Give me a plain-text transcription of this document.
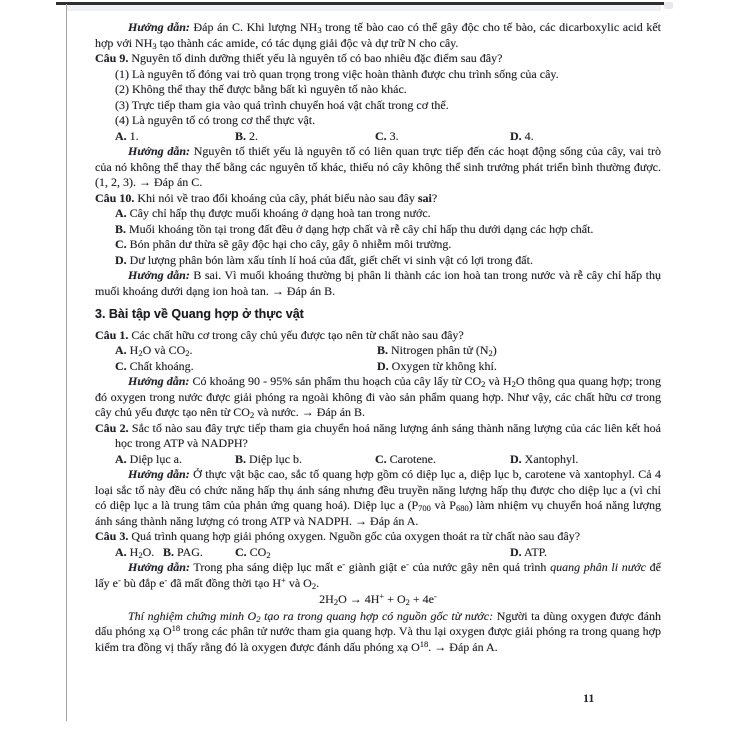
Hướng dẫn: Đáp án C. Khi lượng $NH_3$ trong tế bào cao có thể gây độc cho tế bào, các dicarboxylic acid kết hợp với $NH_3$ tạo thành các amide, có tác dụng giải độc và dự trữ N cho cây.
Câu 9. Nguyên tố dinh dưỡng thiết yếu là nguyên tố có bao nhiêu đặc điểm sau đây?
(1) Là nguyên tố đóng vai trò quan trọng trong việc hoàn thành được chu trình sống của cây.
(2) Không thể thay thế được bằng bất kì nguyên tố nào khác.
(3) Trực tiếp tham gia vào quá trình chuyển hoá vật chất trong cơ thể.
(4) Là nguyên tố có trong cơ thể thực vật.
A. 1.	B. 2.	C. 3.	D. 4.
Hướng dẫn: Nguyên tố thiết yếu là nguyên tố có liên quan trực tiếp đến các hoạt động sống của cây, vai trò của nó không thể thay thế bằng các nguyên tố khác, thiếu nó cây không thể sinh trưởng phát triển bình thường được. (1, 2, 3). → Đáp án C.
Câu 10. Khi nói về trao đổi khoáng của cây, phát biểu nào sau đây sai?
A. Cây chỉ hấp thụ được muối khoáng ở dạng hoà tan trong nước.
B. Muối khoáng tồn tại trong đất đều ở dạng hợp chất và rễ cây chỉ hấp thu dưới dạng các hợp chất.
C. Bón phân dư thừa sẽ gây độc hại cho cây, gây ô nhiễm môi trường.
D. Dư lượng phân bón làm xấu tính lí hoá của đất, giết chết vi sinh vật có lợi trong đất.
Hướng dẫn: B sai. Vì muối khoáng thường bị phân li thành các ion hoà tan trong nước và rễ cây chỉ hấp thụ muối khoáng dưới dạng ion hoà tan. → Đáp án B.
3. Bài tập về Quang hợp ở thực vật
Câu 1. Các chất hữu cơ trong cây chủ yếu được tạo nên từ chất nào sau đây?
A. $H_2O$ và $CO_2$.	B. Nitrogen phân tử $(N_2)$
C. Chất khoáng.	D. Oxygen từ không khí.
Hướng dẫn: Có khoảng 90 - 95% sản phẩm thu hoạch của cây lấy từ $CO_2$ và $H_2O$ thông qua quang hợp; trong đó oxygen trong nước được giải phóng ra ngoài không đi vào sản phẩm quang hợp. Như vậy, các chất hữu cơ trong cây chủ yếu được tạo nên từ $CO_2$ và nước. → Đáp án B.
Câu 2. Sắc tố nào sau đây trực tiếp tham gia chuyển hoá năng lượng ánh sáng thành năng lượng của các liên kết hoá học trong ATP và NADPH?
A. Diệp lục a.	B. Diệp lục b.	C. Carotene.	D. Xantophyl.
Hướng dẫn: Ở thực vật bậc cao, sắc tố quang hợp gồm có diệp lục a, diệp lục b, carotene và xantophyl. Cả 4 loại sắc tố này đều có chức năng hấp thụ ánh sáng nhưng đều truyền năng lượng hấp thụ được cho diệp lục a (vì chỉ có diệp lục a là trung tâm của phản ứng quang hoá). Diệp lục a ($P_{700}$ và $P_{680}$) làm nhiệm vụ chuyển hoá năng lượng ánh sáng thành năng lượng có trong ATP và NADPH. → Đáp án A.
Câu 3. Quá trình quang hợp giải phóng oxygen. Nguồn gốc của oxygen thoát ra từ chất nào sau đây?
A. $H_2O$. B. PAG.	C. $CO_2$	D. ATP.
Hướng dẫn: Trong pha sáng diệp lục mất e- giành giật e- của nước gây nên quá trình quang phân li nước để lấy e- bù đắp e- đã mất đồng thời tạo H+ và $O_2$.
$2H_2O \to 4H^+ + O_2 + 4e^-$
Thí nghiệm chứng minh $O_2$ tạo ra trong quang hợp có nguồn gốc từ nước: Người ta dùng oxygen được đánh dấu phóng xạ $O^{18}$ trong các phân tử nước tham gia quang hợp. Và thu lại oxygen được giải phóng ra trong quang hợp kiểm tra đồng vị thấy rằng đó là oxygen được đánh dấu phóng xạ $O^{18}$. → Đáp án A.
11
